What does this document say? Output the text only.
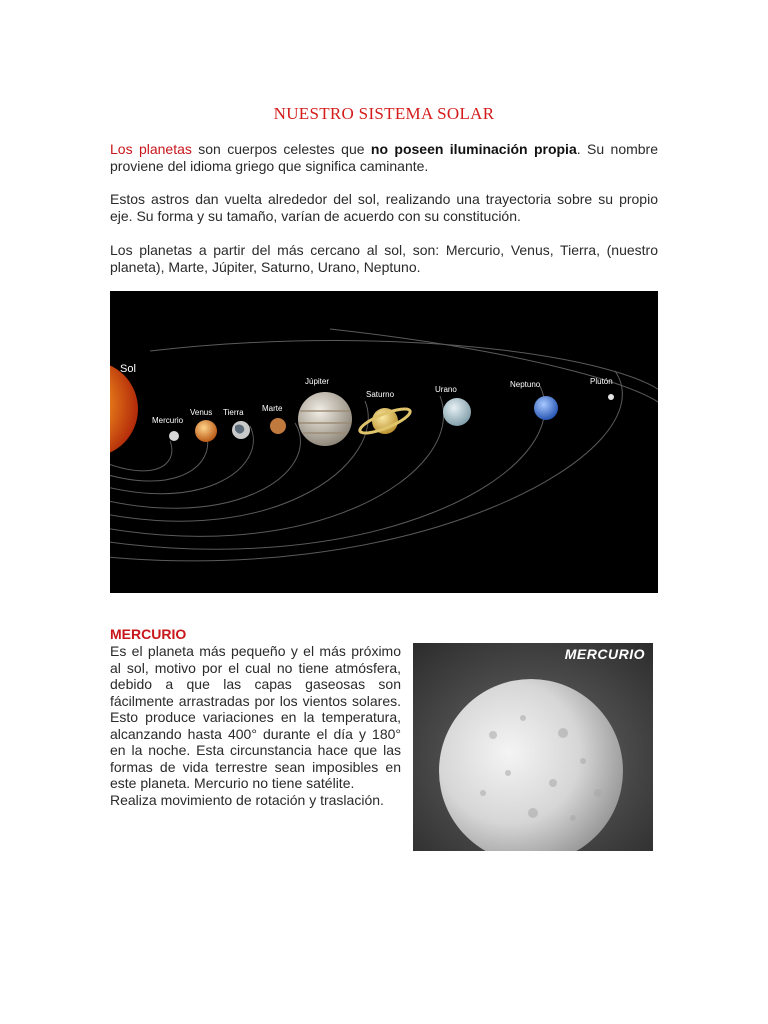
NUESTRO SISTEMA SOLAR
Los planetas son cuerpos celestes que no poseen iluminación propia. Su nombre proviene del idioma griego que significa caminante.
Estos astros dan vuelta alrededor del sol, realizando una trayectoria sobre su propio eje. Su forma y su tamaño, varían de acuerdo con su constitución.
Los planetas a partir del más cercano al sol, son: Mercurio, Venus, Tierra, (nuestro planeta), Marte, Júpiter, Saturno, Urano, Neptuno.
Sol
Mercurio
Venus Tierra Marte
Júpiter
Saturno
Urano
Neptuno	Plutón
MERCURIO

Es el planeta más pequeño y el más próximo al sol, motivo por el cual no tiene atmósfera, debido a que las capas gaseosas son fácilmente arrastradas por los vientos solares. Esto produce variaciones en la temperatura, alcanzando hasta 400° durante el día y 180° en la noche. Esta circunstancia hace que las formas de vida terrestre sean imposibles en este planeta. Mercurio no tiene satélite.

Realiza movimiento de rotación y traslación.

MERCURIO
